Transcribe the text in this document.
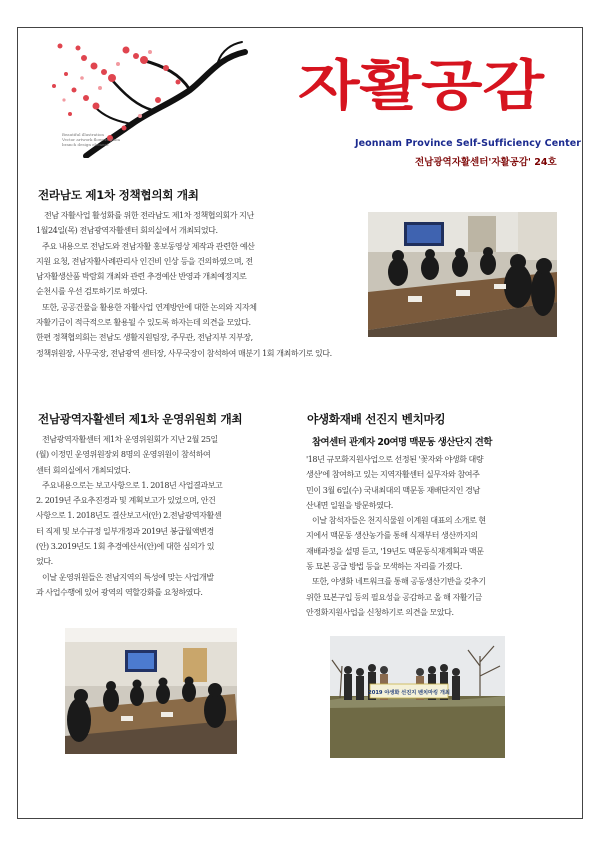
Beautiful illustration
Vector artwork flowers plum
branch design element
자활공감
Jeonnam Province Self-Sufficiency Center
전남광역자활센터'자활공감' 24호
전라남도 제1차 정책협의회 개최
전남 자활사업 활성화를 위한 전라남도 제1차 정책협의회가 지난
1월24일(목) 전남광역자활센터 회의실에서 개최되었다.
주요 내용으로 전남도와 전남자활 홍보동영상 제작과 관련한 예산
지원 요청, 전남자활사례관리사 인건비 인상 등을 건의하였으며, 전
남자활생산품 박람회 개최와 관련 추경예산 반영과 개최예정지로
순천시를 우선 검토하기로 하였다.
또한, 공공건물을 활용한 자활사업 연계방안에 대한 논의와 지자체
자활기금이 적극적으로 활용될 수 있도록 하자는데 의견을 모았다.
한편 정책협의회는 전남도 생활지원팀장, 주무관, 전남지부 지부장,
정책위원장, 사무국장, 전남광역 센터장, 사무국장이 참석하여 매분기 1회 개최하기로 있다.
전남광역자활센터 제1차 운영위원회 개최
전남광역자활센터 제1차 운영위원회가 지난 2월 25일
(월) 이정민 운영위원장외 8명의 운영위원이 참석하여
센터 회의실에서 개최되었다.
주요내용으로는 보고사항으로 1. 2018년 사업결과보고
2. 2019년 주요추진경과 및 계획보고가 있었으며, 안건
사항으로 1. 2018년도 결산보고서(안) 2.전남광역자활센
터 직제 및 보수규정 일부개정과 2019년 봉급월액변경
(안) 3.2019년도 1회 추경예산서(안)에 대한 심의가 있
었다.
이날 운영위원들은 전남지역의 특성에 맞는 사업개발
과 사업수행에 있어 광역의 역할강화를 요청하였다.
야생화재배 선진지 벤치마킹
참여센터 관계자 20여명 맥문동 생산단지 견학
'18년 규모화지원사업으로 선정된 '꽃자와 야생화 대량
생산'에 참여하고 있는 지역자활센터 실무자와 참여주
민이 3월 6일(수) 국내최대의 맥문동 재배단지인 경남
산내면 일원을 방문하였다.
이날 참석자들은 천지식물원 이계원 대표의 소개로 현
지에서 맥문동 생산농가를 통해 식재부터 생산까지의
재배과정을 설명 듣고, '19년도 맥문동식재계획과 맥문
동 묘본 공급 방법 등을 모색하는 자리를 가졌다.
또한, 야생화 네트워크를 통해 공동생산기반을 갖추기
위한 묘본구입 등의 필요성을 공감하고 올 해 자활기금
안정화지원사업을 신청하기로 의견을 모았다.
2019 야생화 선진지 벤치마킹 개최
